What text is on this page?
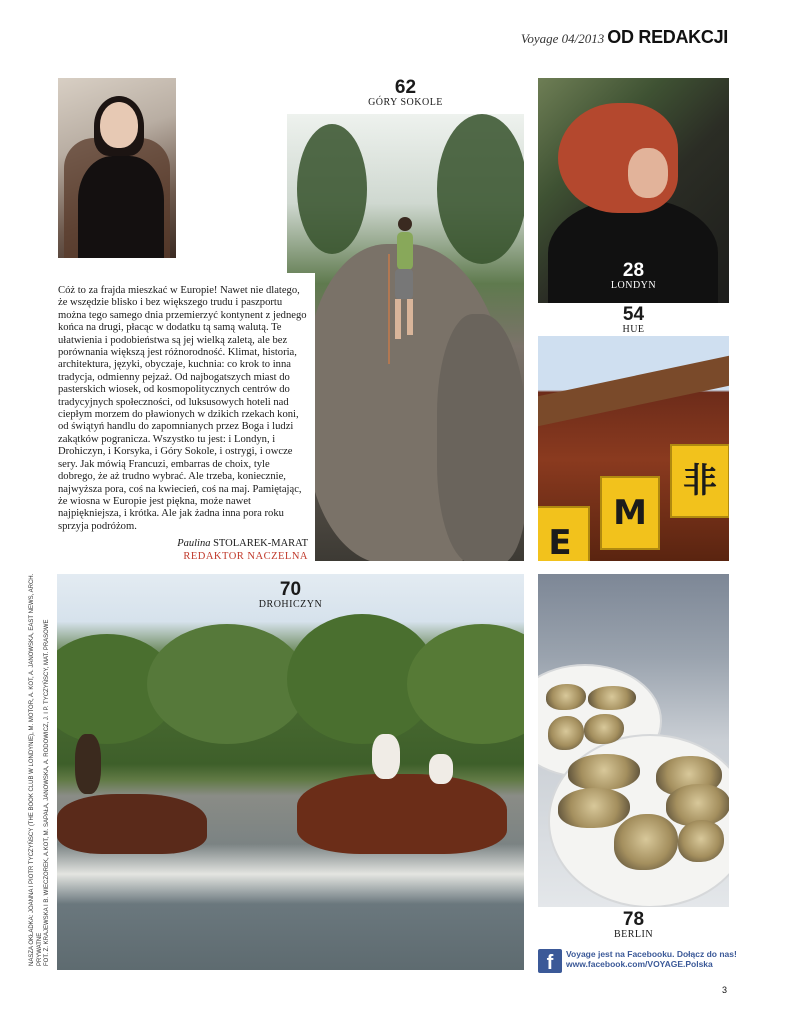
Voyage 04/2013 OD REDAKCJI
62
GÓRY SOKOLE

Cóż to za frajda mieszkać w Europie! Nawet nie dlatego, że wszędzie blisko i bez większego trudu i paszportu można tego samego dnia przemierzyć kontynent z jednego końca na drugi, płacąc w dodatku tą samą walutą. Te ułatwienia i podobieństwa są jej wielką zaletą, ale bez porównania większą jest różnorodność. Klimat, historia, architektura, języki, obyczaje, kuchnia: co krok to inna tradycja, odmienny pejzaż. Od najbogatszych miast do pasterskich wiosek, od kosmopolitycznych centrów do tradycyjnych społeczności, od luksusowych hoteli nad ciepłym morzem do pławionych w dzikich rzekach koni, od świątyń handlu do zapomnianych przez Boga i ludzi zakątków pogranicza. Wszystko tu jest: i Londyn, i Drohiczyn, i Korsyka, i Góry Sokole, i ostrygi, i owcze sery. Jak mówią Francuzi, embarras de choix, tyle dobrego, że aż trudno wybrać. Ale trzeba, koniecznie, najwyższa pora, coś na kwiecień, coś na maj. Pamiętając, że wiosna w Europie jest piękna, może nawet najpiękniejsza, i krótka. Ale jak żadna inna pora roku sprzyja podróżom.

Paulina STOLAREK-MARAT
REDAKTOR NACZELNA
28
LONDYN
54
HUE
E
M
非
70
DROHICZYN
78
BERLIN
f Voyage jest na Facebooku. Dołącz do nas!
www.facebook.com/VOYAGE.Polska
NASZA OKŁADKA: JOANNA I PIOTR TYCZYŃSCY (THE BOOK CLUB W LONDYNIE), M. MOTOR, A. KOT, A. JANOWSKA, EAST NEWS, ARCH. PRYWATNE FOT. Z. KRAJEWSKA I B. WIECZOREK, A.KOT, M. SAPAŁA, JANOWSKA, A. RODOWICZ, J. I P. TYCZYŃSCY, MAT. PRASOWE
3
